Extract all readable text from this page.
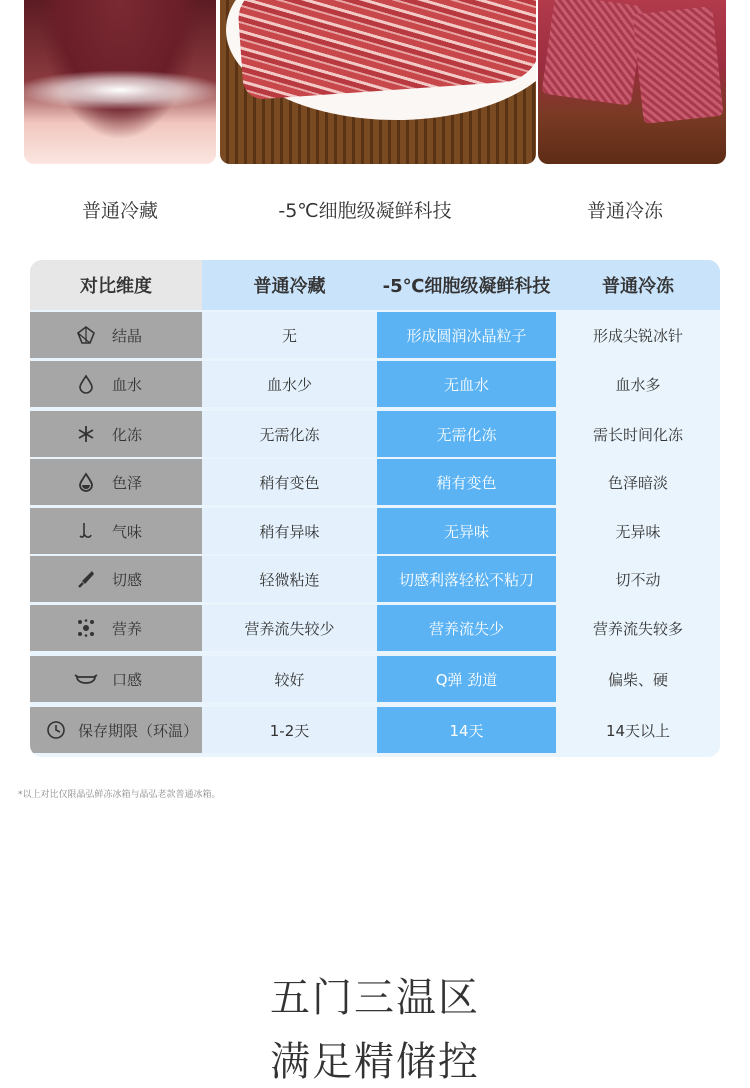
普通冷藏	-5℃细胞级凝鲜科技	普通冷冻
对比维度	普通冷藏	-5℃细胞级凝鲜科技	普通冷冻
结晶	无	形成圆润冰晶粒子	形成尖锐冰针
血水	血水少	无血水	血水多
化冻	无需化冻	无需化冻	需长时间化冻
色泽	稍有变色	稍有变色	色泽暗淡
气味	稍有异味	无异味	无异味
切感	轻微粘连	切感利落轻松不粘刀	切不动
营养	营养流失较少	营养流失少	营养流失较多
口感	较好	Q弹 劲道	偏柴、硬
保存期限（环温）	1-2天	14天	14天以上
*以上对比仅限晶弘鲜冻冰箱与晶弘老款普通冰箱。
五门三温区
满足精储控
